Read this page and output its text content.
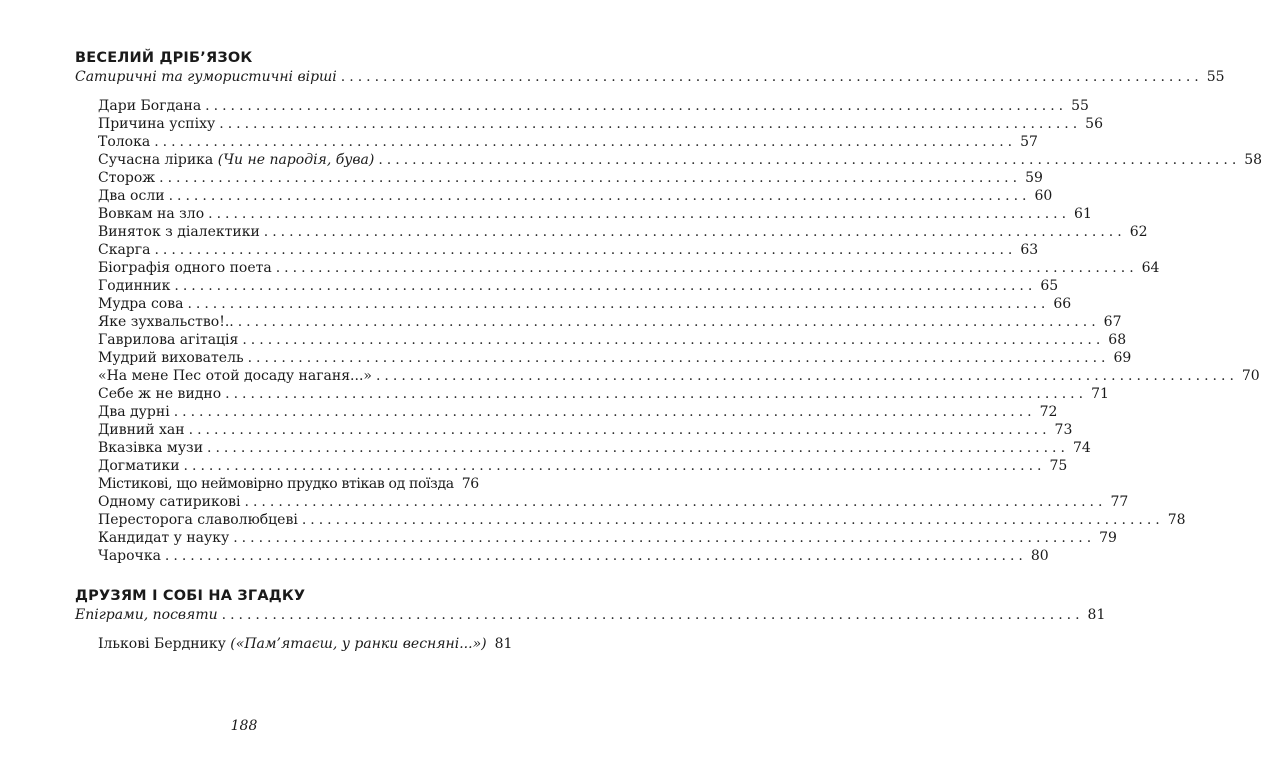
ВЕСЕЛИЙ ДРІБ’ЯЗОК
Сатиричні та гумористичні вірші ...................................................................................................... 55
Дари Богдана ...................................................................................................... 55
Причина успіху ...................................................................................................... 56
Толока ...................................................................................................... 57
Сучасна лірика (Чи не пародія, бува) ...................................................................................................... 58
Сторож ...................................................................................................... 59
Два осли ...................................................................................................... 60
Вовкам на зло ...................................................................................................... 61
Виняток з діалектики ...................................................................................................... 62
Скарга ...................................................................................................... 63
Біографія одного поета ...................................................................................................... 64
Годинник ...................................................................................................... 65
Мудра сова ...................................................................................................... 66
Яке зухвальство!.. ...................................................................................................... 67
Гаврилова агітація ...................................................................................................... 68
Мудрий вихователь ...................................................................................................... 69
«На мене Пес отой досаду наганя...» ...................................................................................................... 70
Себе ж не видно ...................................................................................................... 71
Два дурні ...................................................................................................... 72
Дивний хан ...................................................................................................... 73
Вказівка музи ...................................................................................................... 74
Догматики ...................................................................................................... 75
Містикові, що неймовірно прудко втікав од поїзда 76
Одному сатирикові ...................................................................................................... 77
Пересторога славолюбцеві ...................................................................................................... 78
Кандидат у науку ...................................................................................................... 79
Чарочка ...................................................................................................... 80
ДРУЗЯМ І СОБІ НА ЗГАДКУ
Епіграми, посвяти ...................................................................................................... 81
Ількові Берднику («Пам’ятаєш, у ранки весняні...») 81
188
